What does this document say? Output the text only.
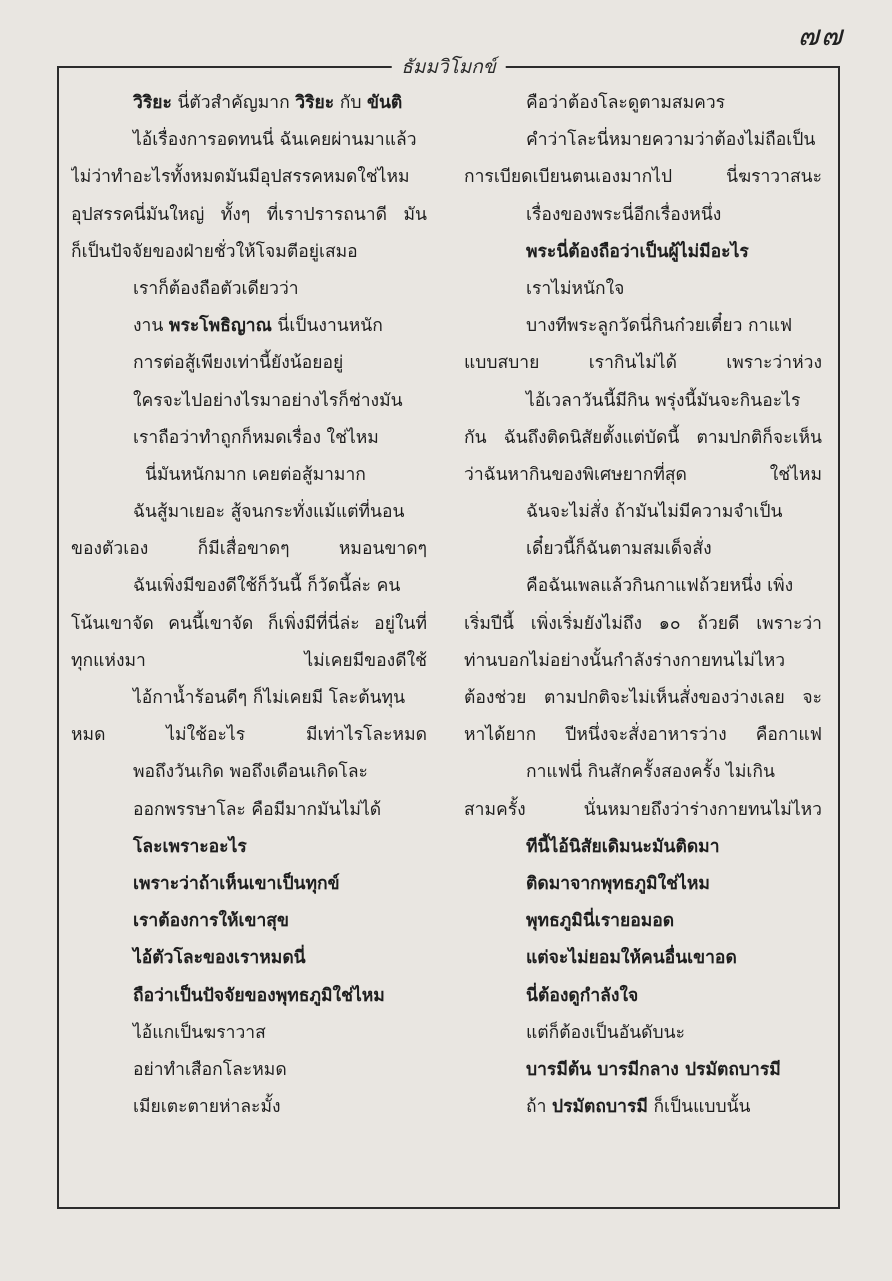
๗๗
ธัมมวิโมกข์
วิริยะ นี่ตัวสำคัญมาก วิริยะ กับ ขันติ
ไอ้เรื่องการอดทนนี่ ฉันเคยผ่านมาแล้ว
ไม่ว่าทำอะไรทั้งหมดมันมีอุปสรรคหมดใช่ไหม
อุปสรรคนี่มันใหญ่ ทั้งๆ ที่เราปรารถนาดี มัน
ก็เป็นปัจจัยของฝ่ายชั่วให้โจมตีอยู่เสมอ
เราก็ต้องถือตัวเดียวว่า
งาน พระโพธิญาณ นี่เป็นงานหนัก
การต่อสู้เพียงเท่านี้ยังน้อยอยู่
ใครจะไปอย่างไรมาอย่างไรก็ช่างมัน
เราถือว่าทำถูกก็หมดเรื่อง ใช่ไหม
นี่มันหนักมาก เคยต่อสู้มามาก
ฉันสู้มาเยอะ สู้จนกระทั่งแม้แต่ที่นอน
ของตัวเอง ก็มีเสื่อขาดๆ หมอนขาดๆ
ฉันเพิ่งมีของดีใช้ก็วันนี้ ก็วัดนี้ล่ะ คน
โน้นเขาจัด คนนี้เขาจัด ก็เพิ่งมีที่นี่ล่ะ อยู่ในที่
ทุกแห่งมา ไม่เคยมีของดีใช้
ไอ้กาน้ำร้อนดีๆ ก็ไม่เคยมี โละต้นทุน
หมด ไม่ใช้อะไร มีเท่าไรโละหมด
พอถึงวันเกิด พอถึงเดือนเกิดโละ
ออกพรรษาโละ คือมีมากมันไม่ได้
โละเพราะอะไร
เพราะว่าถ้าเห็นเขาเป็นทุกข์
เราต้องการให้เขาสุข
ไอ้ตัวโละของเราหมดนี่
ถือว่าเป็นปัจจัยของพุทธภูมิใช่ไหม
ไอ้แกเป็นฆราวาส
อย่าทำเสือกโละหมด
เมียเตะตายห่าละมั้ง
คือว่าต้องโละดูตามสมควร
คำว่าโละนี่หมายความว่าต้องไม่ถือเป็น
การเบียดเบียนตนเองมากไป นี่ฆราวาสนะ
เรื่องของพระนี่อีกเรื่องหนึ่ง
พระนี่ต้องถือว่าเป็นผู้ไม่มีอะไร
เราไม่หนักใจ
บางทีพระลูกวัดนี่กินก๋วยเตี๋ยว กาแฟ
แบบสบาย เรากินไม่ได้ เพราะว่าห่วง
ไอ้เวลาวันนี้มีกิน พรุ่งนี้มันจะกินอะไร
กัน ฉันถึงติดนิสัยตั้งแต่บัดนี้ ตามปกติก็จะเห็น
ว่าฉันหากินของพิเศษยากที่สุด ใช่ไหม
ฉันจะไม่สั่ง ถ้ามันไม่มีความจำเป็น
เดี๋ยวนี้ก็ฉันตามสมเด็จสั่ง
คือฉันเพลแล้วกินกาแฟถ้วยหนึ่ง เพิ่ง
เริ่มปีนี้ เพิ่งเริ่มยังไม่ถึง ๑๐ ถ้วยดี เพราะว่า
ท่านบอกไม่อย่างนั้นกำลังร่างกายทนไม่ไหว
ต้องช่วย ตามปกติจะไม่เห็นสั่งของว่างเลย จะ
หาได้ยาก ปีหนึ่งจะสั่งอาหารว่าง คือกาแฟ
กาแฟนี่ กินสักครั้งสองครั้ง ไม่เกิน
สามครั้ง นั่นหมายถึงว่าร่างกายทนไม่ไหว
ทีนี้ไอ้นิสัยเดิมนะมันติดมา
ติดมาจากพุทธภูมิใช่ไหม
พุทธภูมินี่เรายอมอด
แต่จะไม่ยอมให้คนอื่นเขาอด
นี่ต้องดูกำลังใจ
แต่ก็ต้องเป็นอันดับนะ
บารมีต้น บารมีกลาง ปรมัตถบารมี
ถ้า ปรมัตถบารมี ก็เป็นแบบนั้น
